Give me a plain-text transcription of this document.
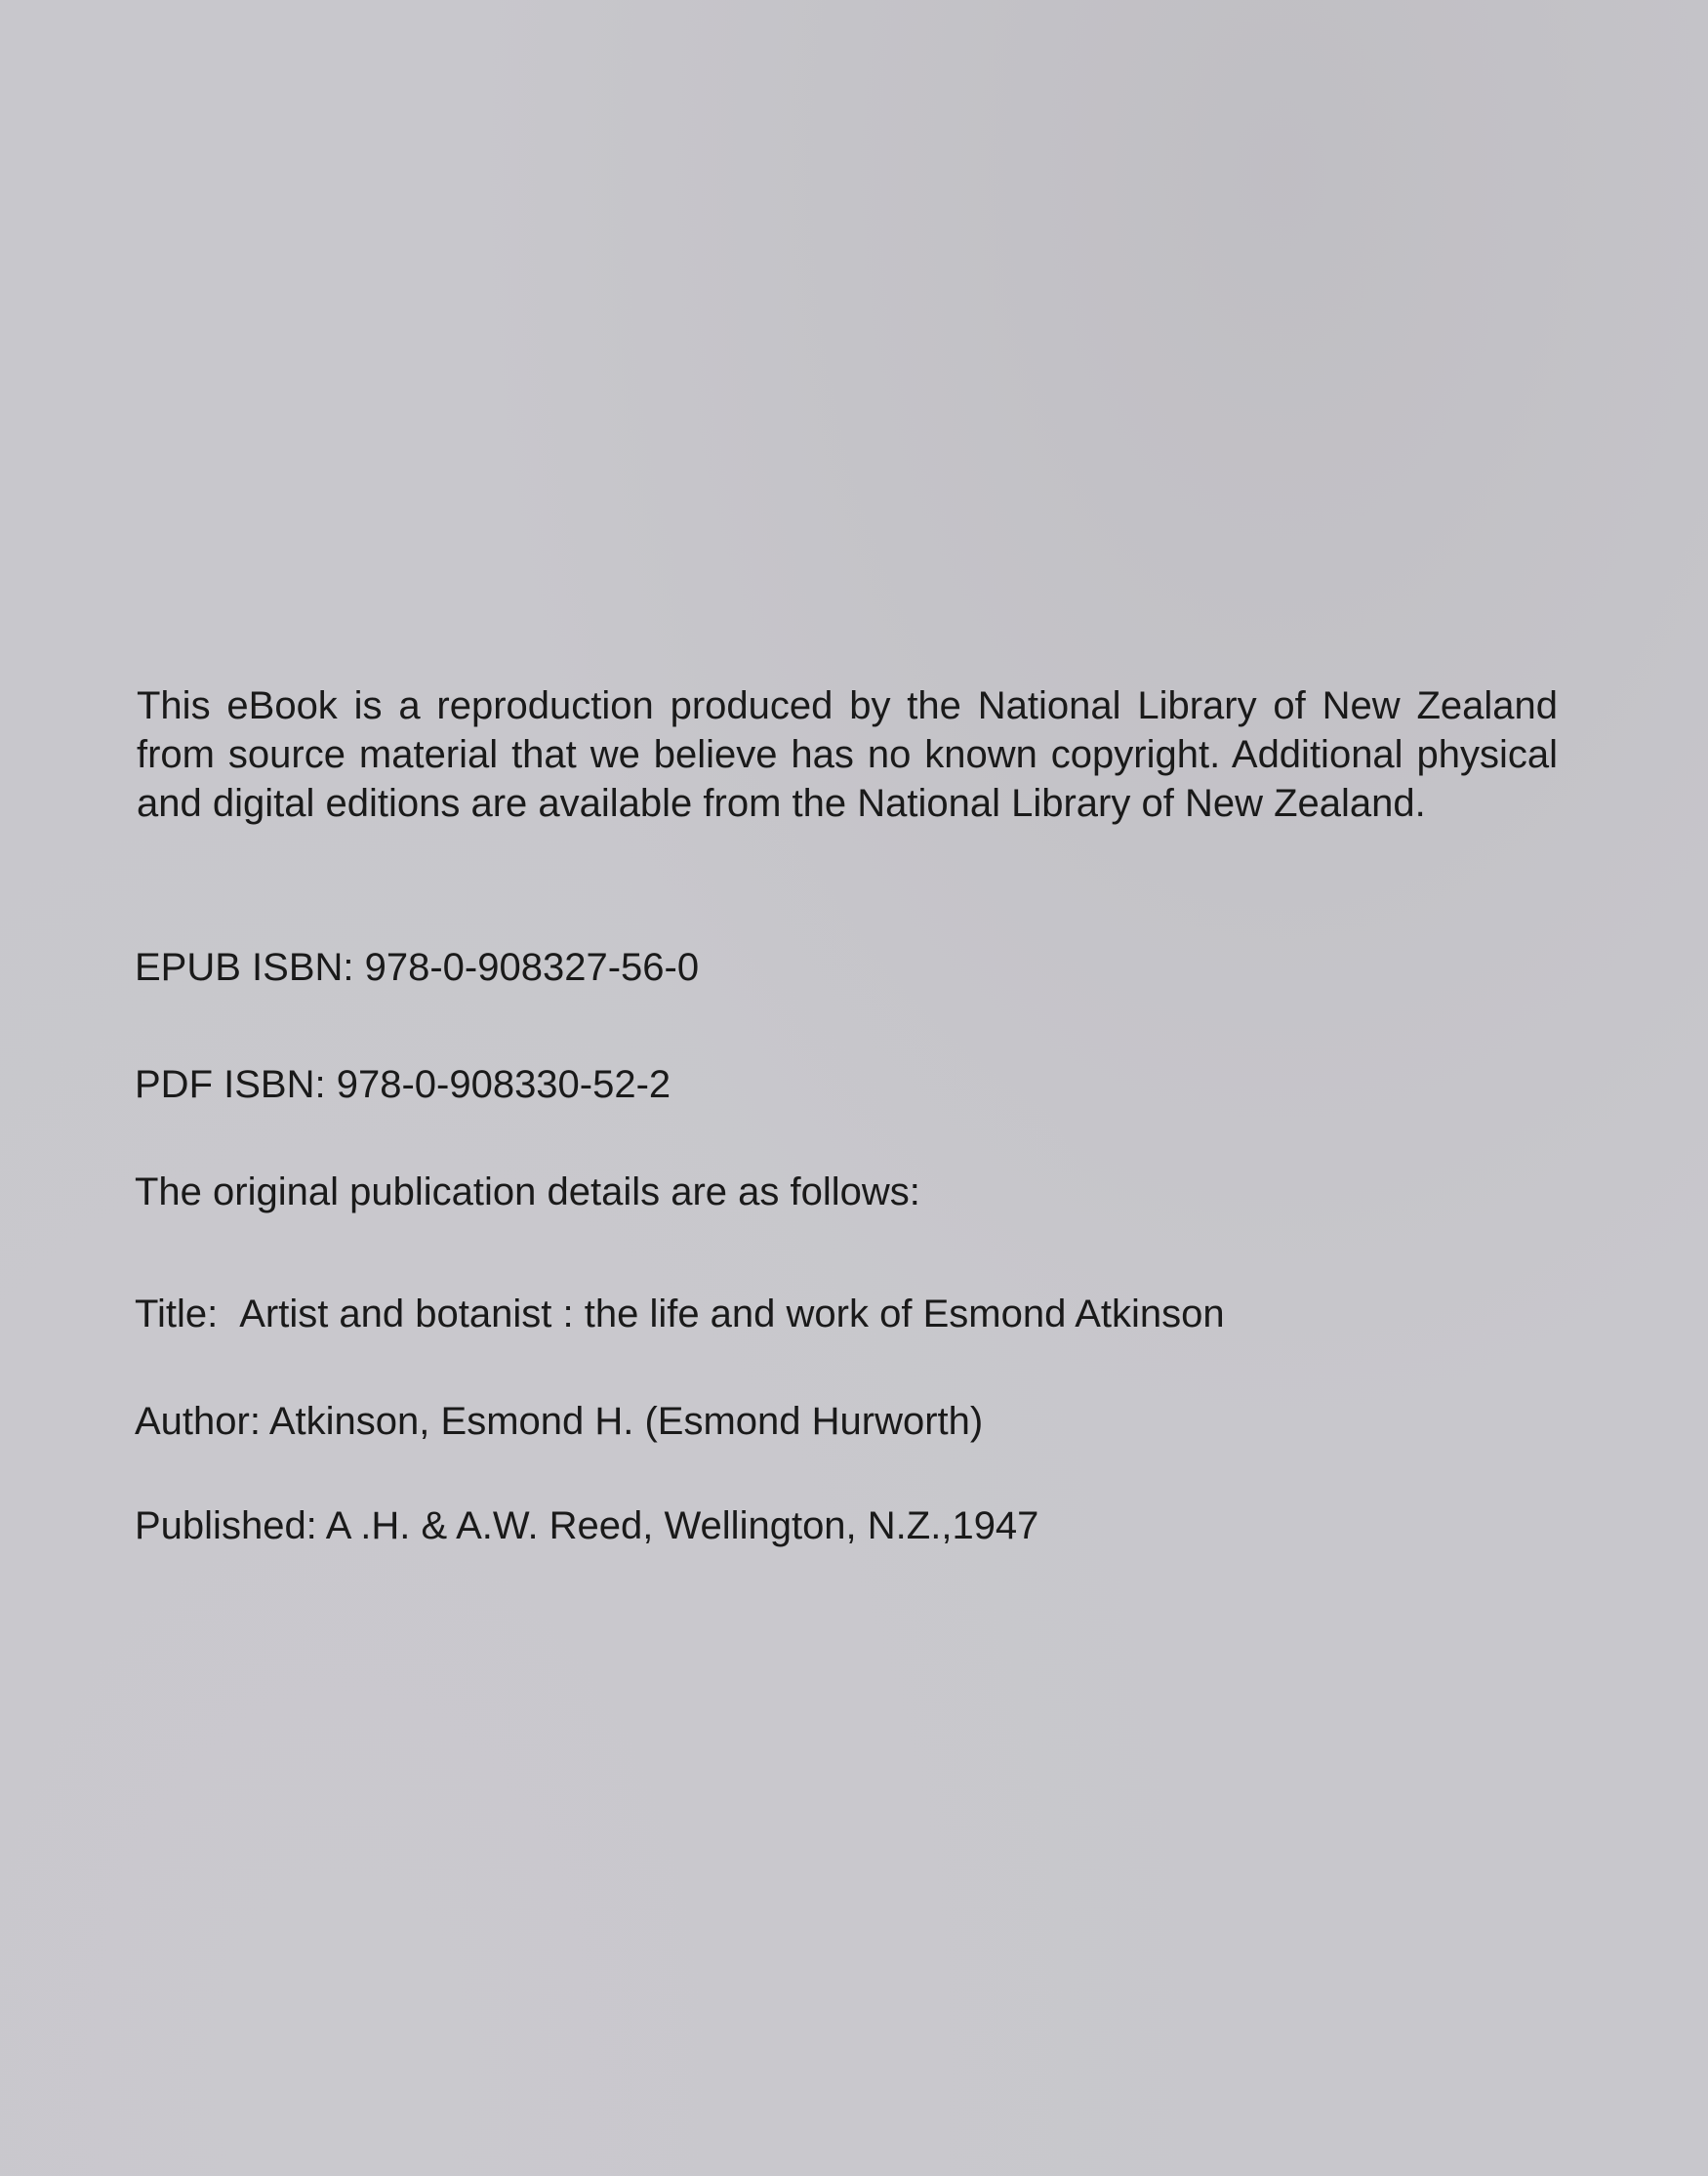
This eBook is a reproduction produced by the National Library of New Zealand from source material that we believe has no known copyright. Additional physical and digital editions are available from the National Library of New Zealand.

EPUB ISBN: 978-0-908327-56-0

PDF ISBN: 978-0-908330-52-2

The original publication details are as follows:

Title: Artist and botanist : the life and work of Esmond Atkinson

Author: Atkinson, Esmond H. (Esmond Hurworth)

Published: A .H. & A.W. Reed, Wellington, N.Z.,1947
